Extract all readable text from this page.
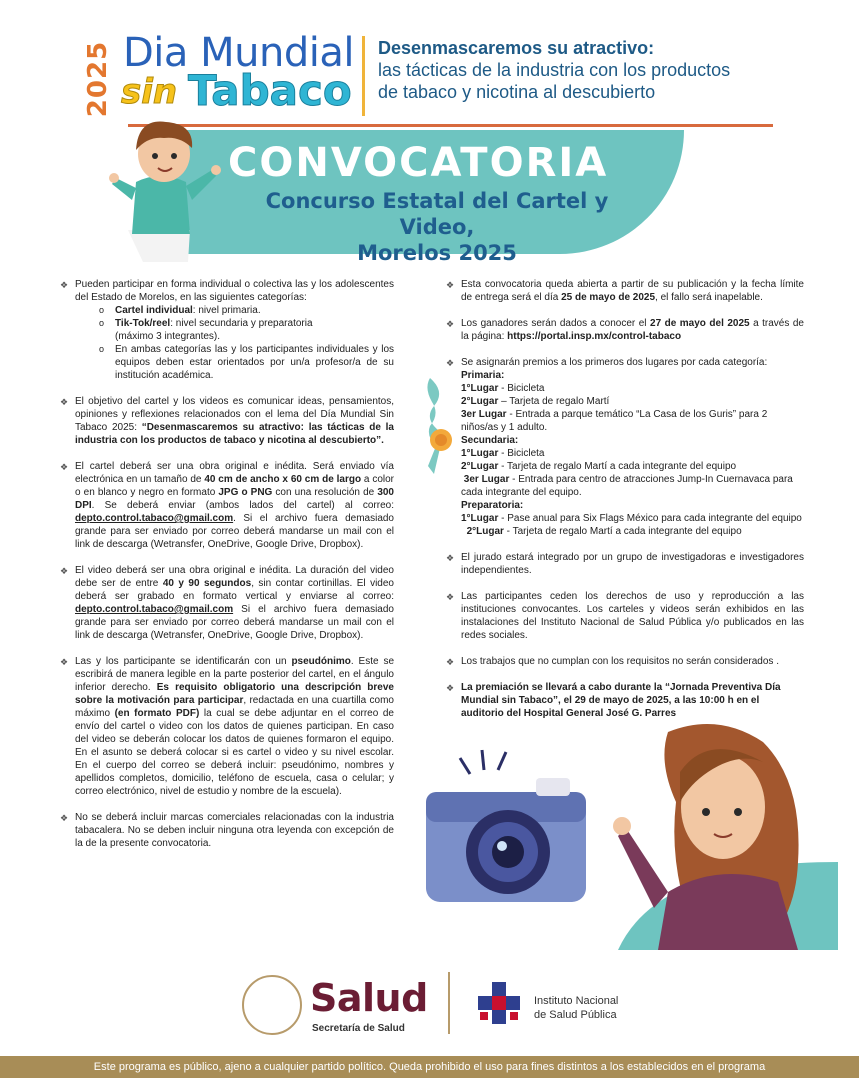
2025 Dia Mundial
sin Tabaco
Desenmascaremos su atractivo:
las tácticas de la industria con los productos
de tabaco y nicotina al descubierto
CONVOCATORIA
Concurso Estatal del Cartel y Video,
Morelos 2025
❖ Pueden participar en forma individual o colectiva las y los adolescentes del Estado de Morelos, en las siguientes categorías:
o Cartel individual: nivel primaria.
o Tik-Tok/reel: nivel secundaria y preparatoria
(máximo 3 integrantes).
o En ambas categorías las y los participantes individuales y los equipos deben estar orientados por un/a profesor/a de su institución académica.
❖ El objetivo del cartel y los videos es comunicar ideas, pensamientos, opiniones y reflexiones relacionados con el lema del Día Mundial Sin Tabaco 2025: “Desenmascaremos su atractivo: las tácticas de la industria con los productos de tabaco y nicotina al descubierto”.
❖ El cartel deberá ser una obra original e inédita. Será enviado vía electrónica en un tamaño de 40 cm de ancho x 60 cm de largo a color o en blanco y negro en formato JPG o PNG con una resolución de 300 DPI. Se deberá enviar (ambos lados del cartel) al correo: depto.control.tabaco@gmail.com. Si el archivo fuera demasiado grande para ser enviado por correo deberá mandarse un mail con el link de descarga (Wetransfer, OneDrive, Google Drive, Dropbox).
❖ El video deberá ser una obra original e inédita. La duración del video debe ser de entre 40 y 90 segundos, sin contar cortinillas. El video deberá ser grabado en formato vertical y enviarse al correo: depto.control.tabaco@gmail.com Si el archivo fuera demasiado grande para ser enviado por correo deberá mandarse un mail con el link de descarga (Wetransfer, OneDrive, Google Drive, Dropbox).
❖ Las y los participante se identificarán con un pseudónimo. Este se escribirá de manera legible en la parte posterior del cartel, en el ángulo inferior derecho. Es requisito obligatorio una descripción breve sobre la motivación para participar, redactada en una cuartilla como máximo (en formato PDF) la cual se debe adjuntar en el correo de envío del cartel o video con los datos de quienes participan. En caso del video se deberán colocar los datos de quienes formaron el equipo. En el asunto se deberá colocar si es cartel o video y su nivel escolar. En el cuerpo del correo se deberá incluir: pseudónimo, nombres y apellidos completos, domicilio, teléfono de escuela, casa o celular; y correo electrónico, nivel de estudio y nombre de la escuela).
❖ No se deberá incluir marcas comerciales relacionadas con la industria tabacalera. No se deben incluir ninguna otra leyenda con excepción de la de la presente convocatoria.
❖ Esta convocatoria queda abierta a partir de su publicación y la fecha límite de entrega será el día 25 de mayo de 2025, el fallo será inapelable.
❖ Los ganadores serán dados a conocer el 27 de mayo del 2025 a través de la página: https://portal.insp.mx/control-tabaco
❖ Se asignarán premios a los primeros dos lugares por cada categoría:
Primaria:
1°Lugar - Bicicleta
2°Lugar – Tarjeta de regalo Martí
3er Lugar - Entrada a parque temático “La Casa de los Guris” para 2 niños/as y 1 adulto.
Secundaria:
1°Lugar - Bicicleta
2°Lugar - Tarjeta de regalo Martí a cada integrante del equipo
3er Lugar - Entrada para centro de atracciones Jump-In Cuernavaca para cada integrante del equipo.
Preparatoria:
1°Lugar - Pase anual para Six Flags México para cada integrante del equipo
2°Lugar - Tarjeta de regalo Martí a cada integrante del equipo
❖ El jurado estará integrado por un grupo de investigadoras e investigadores independientes.
❖ Las participantes ceden los derechos de uso y reproducción a las instituciones convocantes. Los carteles y videos serán exhibidos en las instalaciones del Instituto Nacional de Salud Pública y/o publicados en las redes sociales.
❖ Los trabajos que no cumplan con los requisitos no serán considerados .
❖ La premiación se llevará a cabo durante la “Jornada Preventiva Día Mundial sin Tabaco”, el 29 de mayo de 2025, a las 10:00 h en el auditorio del Hospital General José G. Parres
Salud
Secretaría de Salud
Instituto Nacional
de Salud Pública
Este programa es público, ajeno a cualquier partido político. Queda prohibido el uso para fines distintos a los establecidos en el programa
